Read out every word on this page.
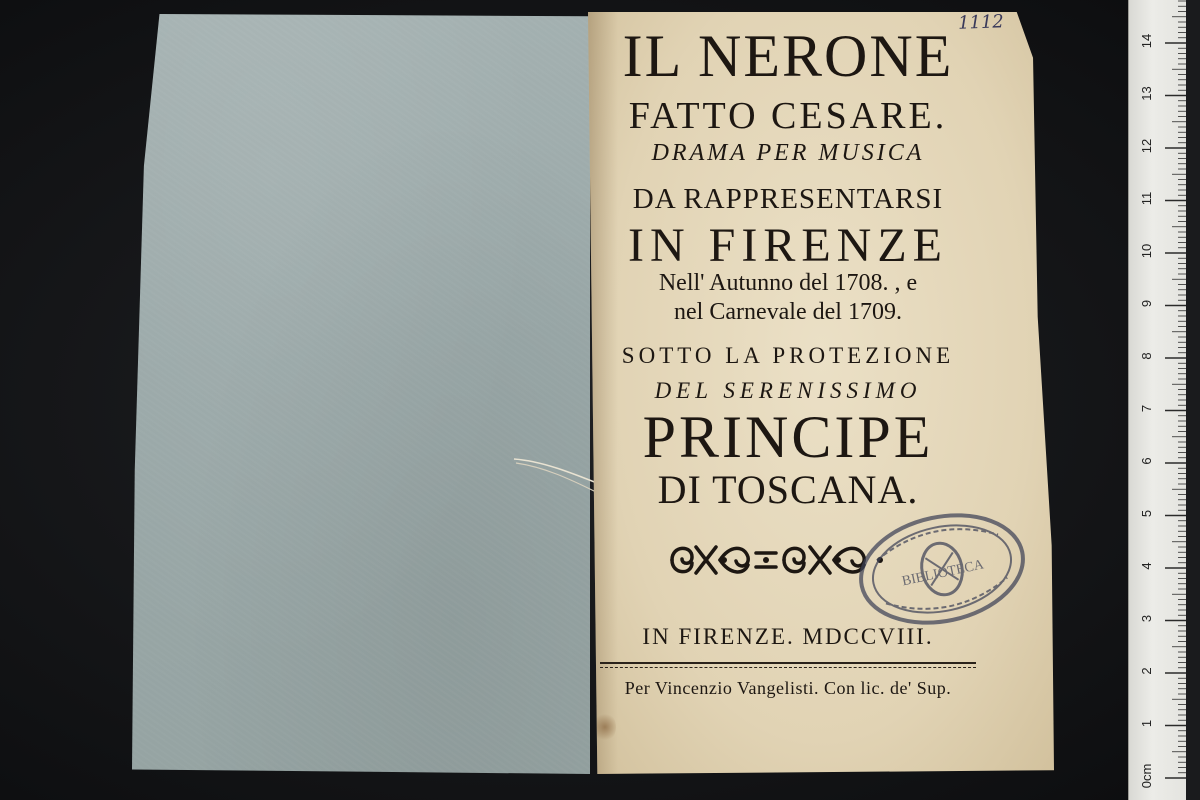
1112
IL NERONE
FATTO CESARE.
DRAMA PER MUSICA
DA RAPPRESENTARSI
IN FIRENZE
Nell' Autunno del 1708. , e
nel Carnevale del 1709.
SOTTO LA PROTEZIONE
DEL SERENISSIMO
PRINCIPE
DI TOSCANA.
BIBLIOTECA
IN FIRENZE. MDCCVIII.
Per Vincenzio Vangelisti. Con lic. de' Sup.
0cm
1
2
3
4
5
6
7
8
9
10
11
12
13
14
